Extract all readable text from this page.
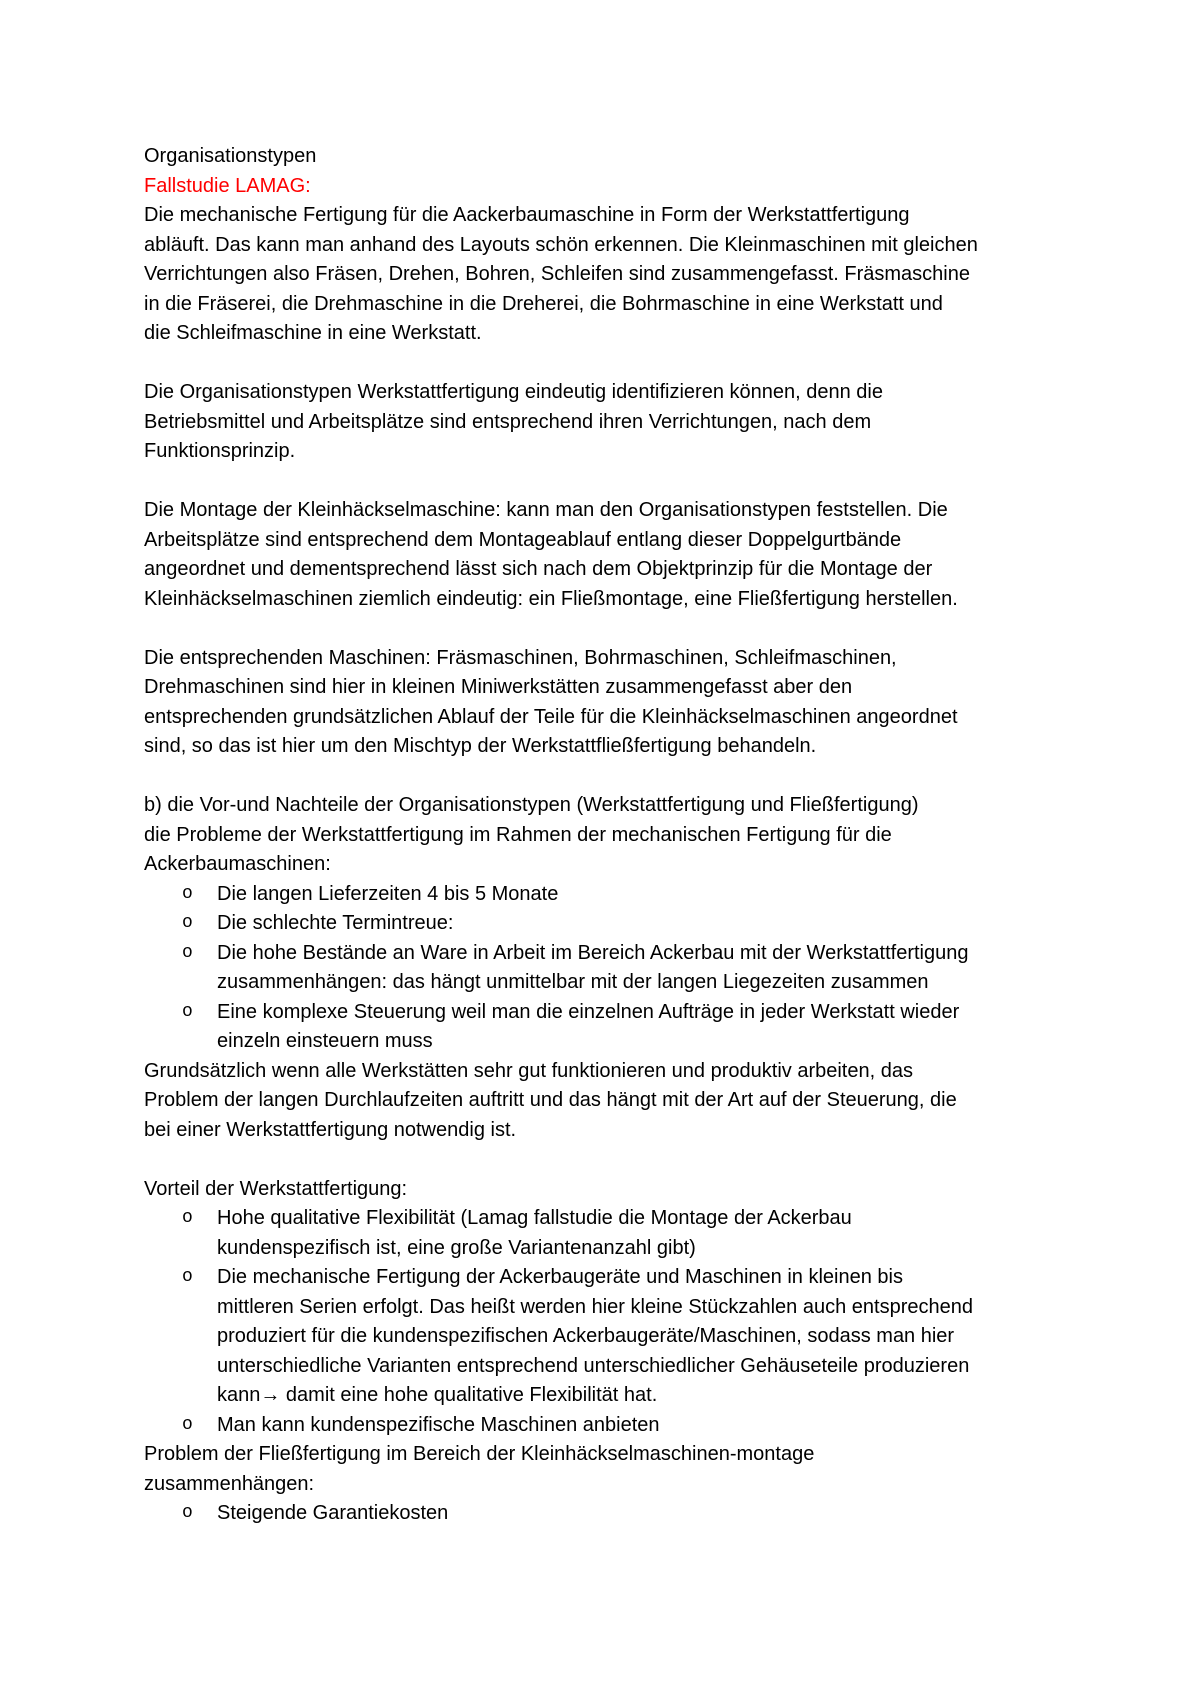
Organisationstypen
Fallstudie LAMAG:
Die mechanische Fertigung für die Aackerbaumaschine in Form der Werkstattfertigung
abläuft. Das kann man anhand des Layouts schön erkennen. Die Kleinmaschinen mit gleichen
Verrichtungen also Fräsen, Drehen, Bohren, Schleifen sind zusammengefasst. Fräsmaschine
in die Fräserei, die Drehmaschine in die Dreherei, die Bohrmaschine in eine Werkstatt und
die Schleifmaschine in eine Werkstatt.
Die Organisationstypen Werkstattfertigung eindeutig identifizieren können, denn die
Betriebsmittel und Arbeitsplätze sind entsprechend ihren Verrichtungen, nach dem
Funktionsprinzip.
Die Montage der Kleinhäckselmaschine: kann man den Organisationstypen feststellen. Die
Arbeitsplätze sind entsprechend dem Montageablauf entlang dieser Doppelgurtbände
angeordnet und dementsprechend lässt sich nach dem Objektprinzip für die Montage der
Kleinhäckselmaschinen ziemlich eindeutig: ein Fließmontage, eine Fließfertigung herstellen.
Die entsprechenden Maschinen: Fräsmaschinen, Bohrmaschinen, Schleifmaschinen,
Drehmaschinen sind hier in kleinen Miniwerkstätten zusammengefasst aber den
entsprechenden grundsätzlichen Ablauf der Teile für die Kleinhäckselmaschinen angeordnet
sind, so das ist hier um den Mischtyp der Werkstattfließfertigung behandeln.
b) die Vor-und Nachteile der Organisationstypen (Werkstattfertigung und Fließfertigung)
die Probleme der Werkstattfertigung im Rahmen der mechanischen Fertigung für die
Ackerbaumaschinen:
o Die langen Lieferzeiten 4 bis 5 Monate
o Die schlechte Termintreue:
o Die hohe Bestände an Ware in Arbeit im Bereich Ackerbau mit der Werkstattfertigung
zusammenhängen: das hängt unmittelbar mit der langen Liegezeiten zusammen
o Eine komplexe Steuerung weil man die einzelnen Aufträge in jeder Werkstatt wieder
einzeln einsteuern muss
Grundsätzlich wenn alle Werkstätten sehr gut funktionieren und produktiv arbeiten, das
Problem der langen Durchlaufzeiten auftritt und das hängt mit der Art auf der Steuerung, die
bei einer Werkstattfertigung notwendig ist.
Vorteil der Werkstattfertigung:
o Hohe qualitative Flexibilität (Lamag fallstudie die Montage der Ackerbau
kundenspezifisch ist, eine große Variantenanzahl gibt)
o Die mechanische Fertigung der Ackerbaugeräte und Maschinen in kleinen bis
mittleren Serien erfolgt. Das heißt werden hier kleine Stückzahlen auch entsprechend
produziert für die kundenspezifischen Ackerbaugeräte/Maschinen, sodass man hier
unterschiedliche Varianten entsprechend unterschiedlicher Gehäuseteile produzieren
kann→ damit eine hohe qualitative Flexibilität hat.
o Man kann kundenspezifische Maschinen anbieten
Problem der Fließfertigung im Bereich der Kleinhäckselmaschinen-montage
zusammenhängen:
o Steigende Garantiekosten
